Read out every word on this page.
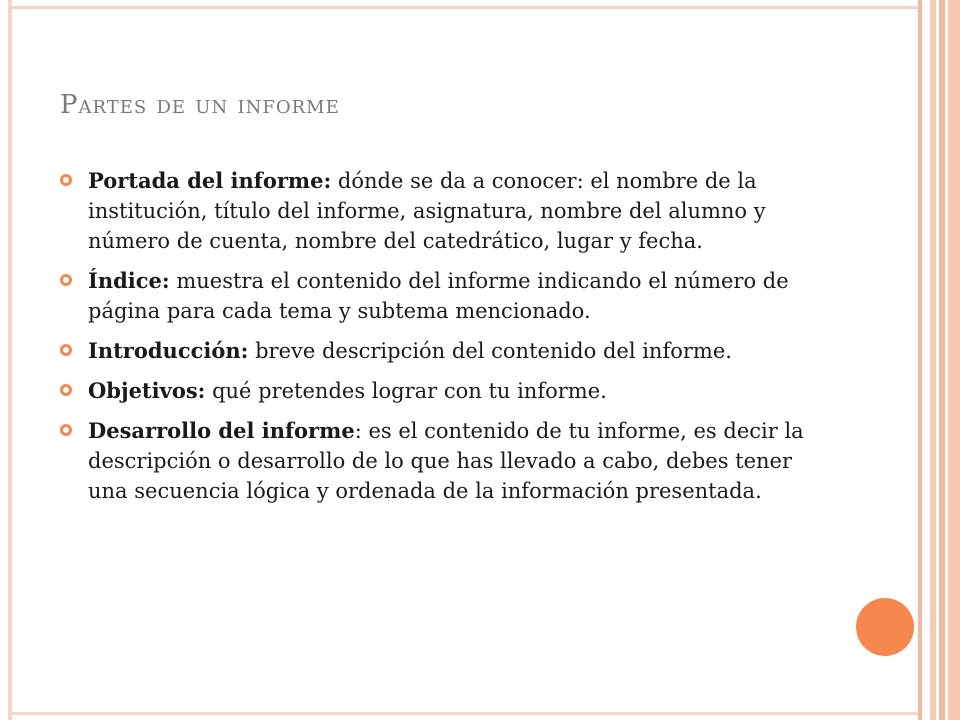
Partes de un informe
Portada del informe: dónde se da a conocer: el nombre de la institución, título del informe, asignatura, nombre del alumno y número de cuenta, nombre del catedrático, lugar y fecha.
Índice: muestra el contenido del informe indicando el número de página para cada tema y subtema mencionado.
Introducción: breve descripción del contenido del informe.
Objetivos: qué pretendes lograr con tu informe.
Desarrollo del informe: es el contenido de tu informe, es decir la descripción o desarrollo de lo que has llevado a cabo, debes tener una secuencia lógica y ordenada de la información presentada.
